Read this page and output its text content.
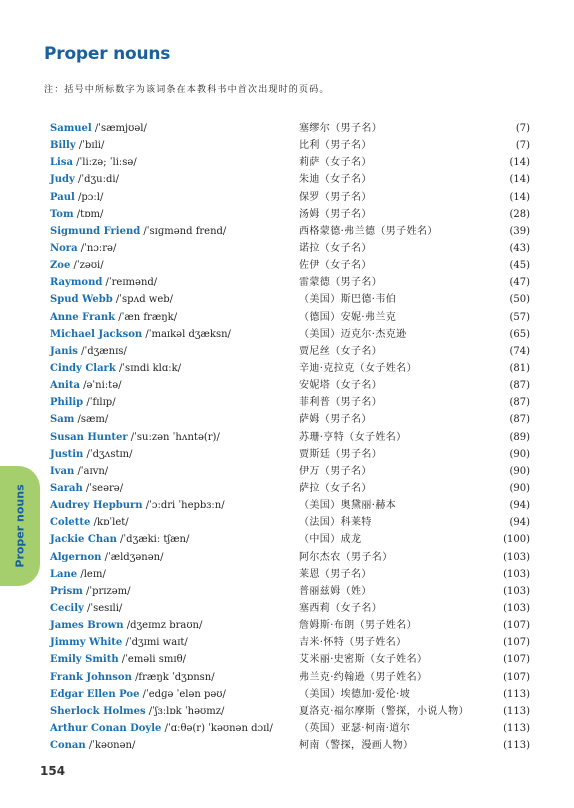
Proper nouns
注：括号中所标数字为该词条在本教科书中首次出现时的页码。
Samuel /ˈsæmjʊəl/	塞缪尔（男子名）	(7)
Billy /ˈbɪli/	比利（男子名）	(7)
Lisa /ˈliːzə; ˈliːsə/	莉萨（女子名）	(14)
Judy /ˈdʒuːdi/	朱迪（女子名）	(14)
Paul /pɔːl/	保罗（男子名）	(14)
Tom /tɒm/	汤姆（男子名）	(28)
Sigmund Friend /ˈsɪɡmənd frend/	西格蒙德·弗兰德（男子姓名）	(39)
Nora /ˈnɔːrə/	诺拉（女子名）	(43)
Zoe /ˈzəʊi/	佐伊（女子名）	(45)
Raymond /ˈreɪmənd/	雷蒙德（男子名）	(47)
Spud Webb /ˈspʌd web/	（美国）斯巴德·韦伯	(50)
Anne Frank /ˈæn fræŋk/	（德国）安妮·弗兰克	(57)
Michael Jackson /ˈmaɪkəl dʒæksn/	（美国）迈克尔·杰克逊	(65)
Janis /ˈdʒænɪs/	贾尼丝（女子名）	(74)
Cindy Clark /ˈsɪndi klɑːk/	辛迪·克拉克（女子姓名）	(81)
Anita /əˈniːtə/	安妮塔（女子名）	(87)
Philip /ˈfɪlɪp/	菲利普（男子名）	(87)
Sam /sæm/	萨姆（男子名）	(87)
Susan Hunter /ˈsuːzən ˈhʌntə(r)/	苏珊·亨特（女子姓名）	(89)
Justin /ˈdʒʌstɪn/	贾斯廷（男子名）	(90)
Ivan /ˈaɪvn/	伊万（男子名）	(90)
Sarah /ˈseərə/	萨拉（女子名）	(90)
Audrey Hepburn /ˈɔːdri ˈhepbɜːn/	（美国）奥黛丽·赫本	(94)
Colette /kɒˈlet/	（法国）科莱特	(94)
Jackie Chan /ˈdʒækiː tʃæn/	（中国）成龙	(100)
Algernon /ˈældʒənən/	阿尔杰农（男子名）	(103)
Lane /leɪn/	莱恩（男子名）	(103)
Prism /ˈprɪzəm/	普丽兹姆（姓）	(103)
Cecily /ˈsesɪli/	塞西莉（女子名）	(103)
James Brown /dʒeɪmz braʊn/	詹姆斯·布朗（男子姓名）	(107)
Jimmy White /ˈdʒɪmi waɪt/	吉米·怀特（男子姓名）	(107)
Emily Smith /ˈeməli smɪθ/	艾米丽·史密斯（女子姓名）	(107)
Frank Johnson /fræŋk ˈdʒɒnsn/	弗兰克·约翰逊（男子姓名）	(107)
Edgar Ellen Poe /ˈedɡə ˈelən pəʊ/	（美国）埃德加·爱伦·坡	(113)
Sherlock Holmes /ˈʃɜːlɒk ˈhəʊmz/	夏洛克·福尔摩斯（警探，小说人物）	(113)
Arthur Conan Doyle /ˈɑːθə(r) ˈkəʊnən dɔɪl/	（英国）亚瑟·柯南·道尔	(113)
Conan /ˈkəʊnən/	柯南（警探，漫画人物）	(113)
Proper nouns
154
